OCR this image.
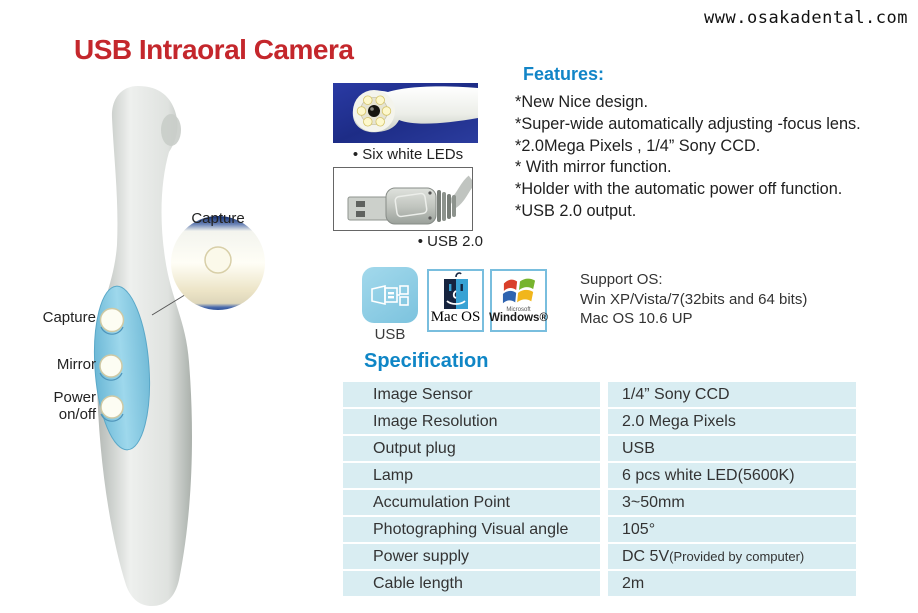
www.osakadental.com
USB Intraoral Camera
Capture
Capture
Mirror
Power
on/off
• Six white LEDs
• USB 2.0
Features:
*New Nice design.
*Super-wide automatically adjusting -focus lens.
*2.0Mega Pixels , 1/4” Sony CCD.
* With mirror function.
*Holder with the automatic power off function.
*USB 2.0 output.
USB
Mac OS	Microsoft
Windows®
Support OS:
Win XP/Vista/7(32bits and 64 bits)
Mac OS 10.6 UP
Specification
Image Sensor	1/4” Sony CCD
Image Resolution	2.0 Mega Pixels
Output plug	USB
Lamp	6 pcs white LED(5600K)
Accumulation Point	3~50mm
Photographing Visual angle	105°
Power supply	DC 5V(Provided by computer)
Cable length	2m
